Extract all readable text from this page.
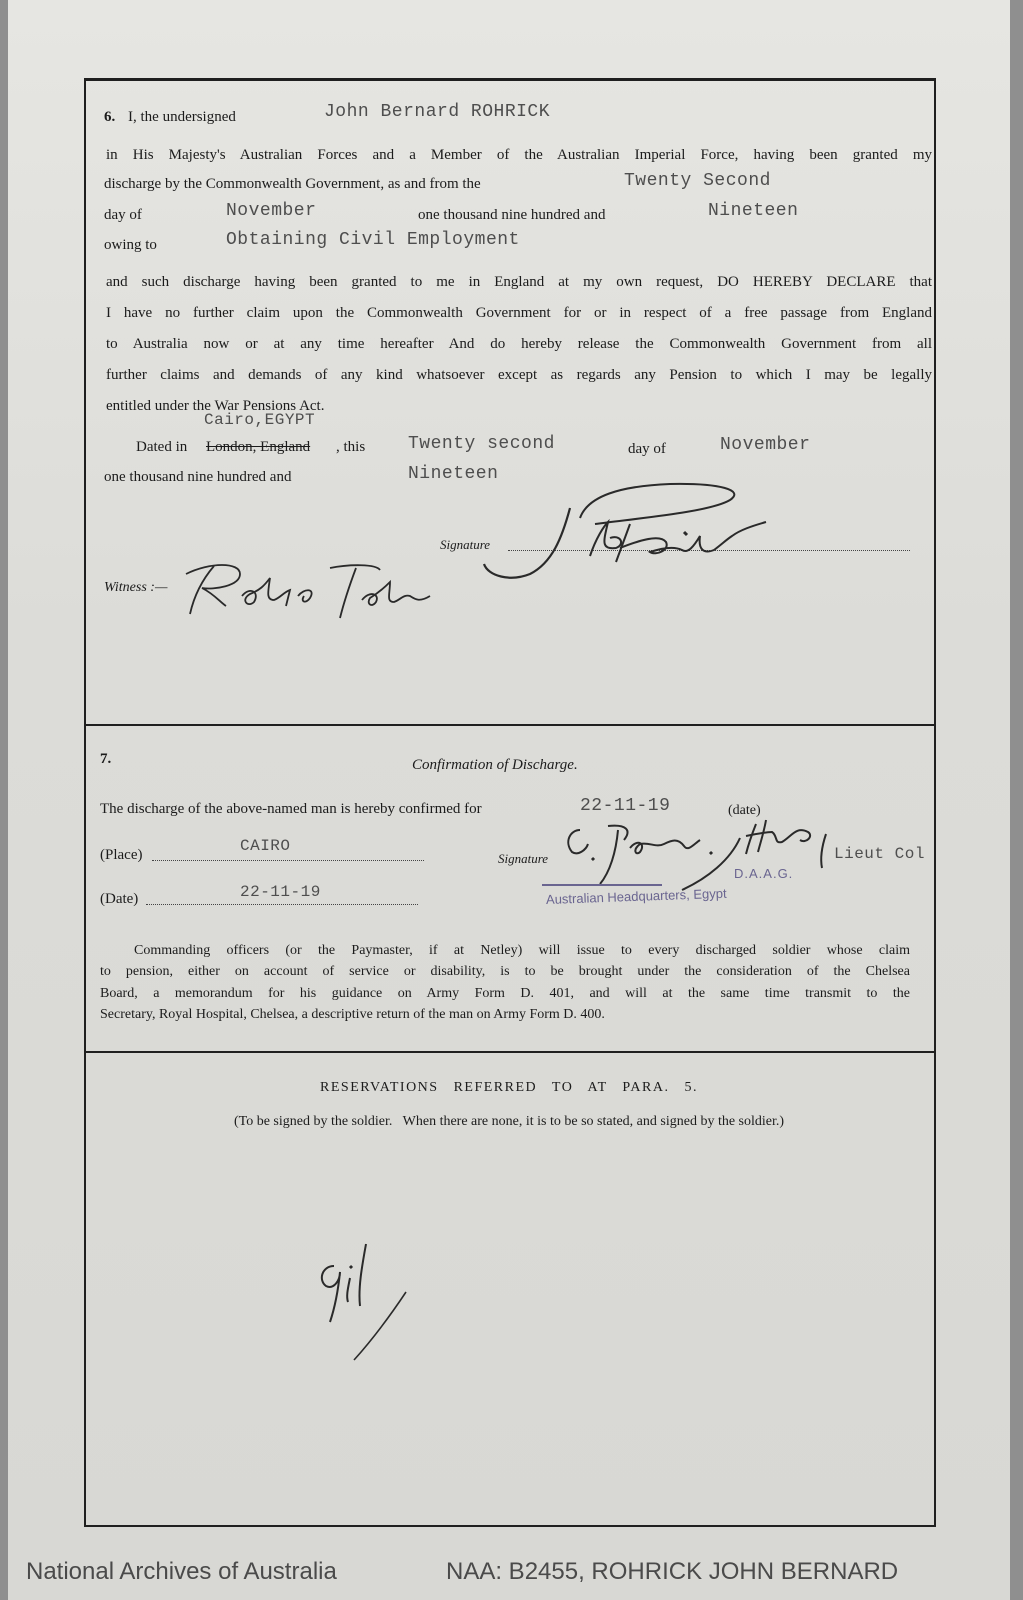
6. I, the undersigned	John Bernard ROHRICK
in His Majesty's Australian Forces and a Member of the Australian Imperial Force, having been granted my
discharge by the Commonwealth Government, as and from the	Twenty Second
day of	November	one thousand nine hundred and	Nineteen
owing to	Obtaining Civil Employment
and such discharge having been granted to me in England at my own request, DO HEREBY DECLARE that
I have no further claim upon the Commonwealth Government for or in respect of a free passage from England
to Australia now or at any time hereafter And do hereby release the Commonwealth Government from all
further claims and demands of any kind whatsoever except as regards any Pension to which I may be legally
entitled under the War Pensions Act.
Cairo,EGYPT
Dated in London, England , this Twenty second	day of	November
one thousand nine hundred and	Nineteen
Signature
Witness :—
7.	Confirmation of Discharge.
The discharge of the above-named man is hereby confirmed for	22-11-19	(date)
(Place)	CAIRO
Signature	Lieut Col
D.A.A.G.
Australian Headquarters, Egypt
(Date)	22-11-19
Commanding officers (or the Paymaster, if at Netley) will issue to every discharged soldier whose claim
to pension, either on account of service or disability, is to be brought under the consideration of the Chelsea
Board, a memorandum for his guidance on Army Form D. 401, and will at the same time transmit to the
Secretary, Royal Hospital, Chelsea, a descriptive return of the man on Army Form D. 400.
RESERVATIONS   REFERRED   TO   AT   PARA.   5.
(To be signed by the soldier.   When there are none, it is to be so stated, and signed by the soldier.)
National Archives of Australia	NAA: B2455, ROHRICK JOHN BERNARD
